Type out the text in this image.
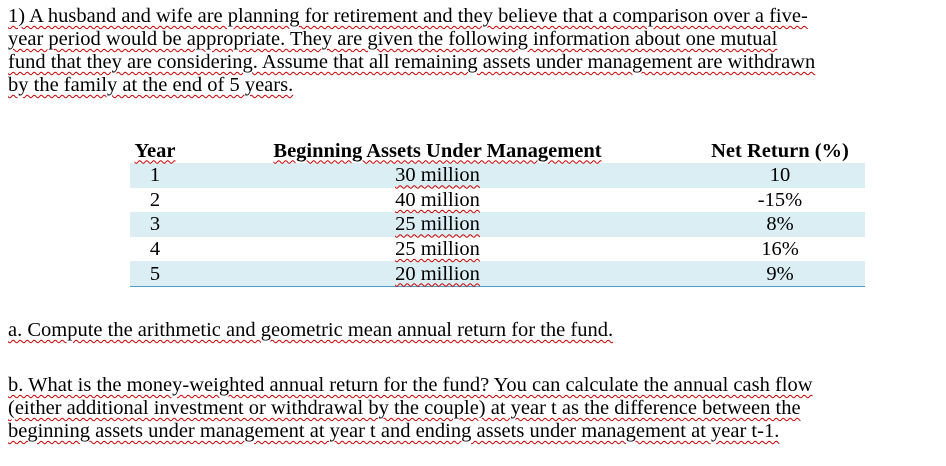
1) A husband and wife are planning for retirement and they believe that a comparison over a five-
year period would be appropriate. They are given the following information about one mutual
fund that they are considering. Assume that all remaining assets under management are withdrawn
by the family at the end of 5 years.
Year	Beginning Assets Under Management	Net Return (%)
1	30 million	10
2	40 million	-15%
3	25 million	8%
4	25 million	16%
5	20 million	9%
a. Compute the arithmetic and geometric mean annual return for the fund.
b. What is the money-weighted annual return for the fund? You can calculate the annual cash flow
(either additional investment or withdrawal by the couple) at year t as the difference between the
beginning assets under management at year t and ending assets under management at year t-1.
